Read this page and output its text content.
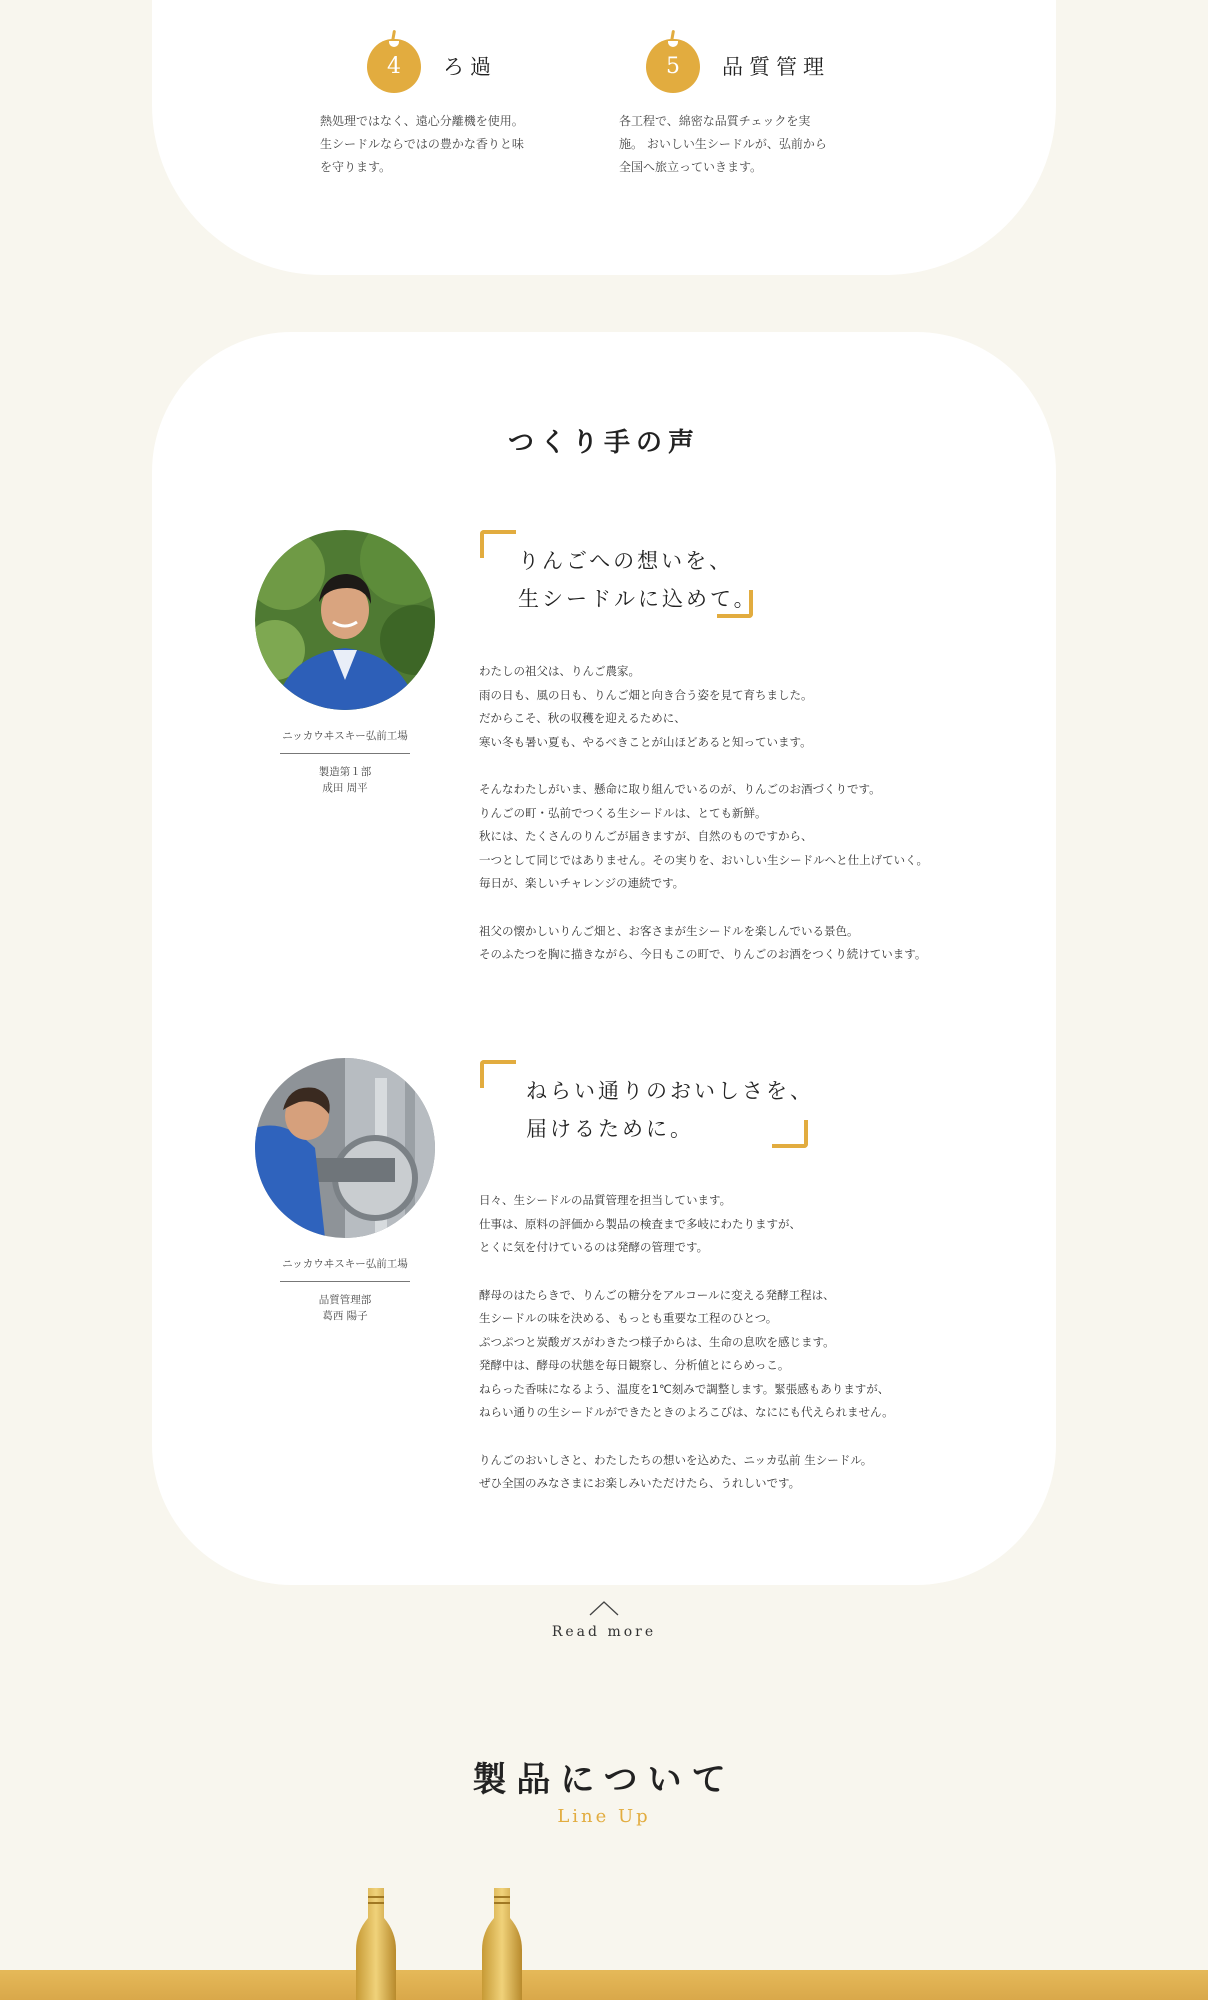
4 ろ過
熱処理ではなく、遠心分離機を使用。
生シードルならではの豊かな香りと味
を守ります。
5 品質管理
各工程で、綿密な品質チェックを実
施。 おいしい生シードルが、弘前から
全国へ旅立っていきます。
つくり手の声
ニッカウヰスキー弘前工場
製造第１部
成田 周平
りんごへの想いを、
生シードルに込めて。

わたしの祖父は、りんご農家。
雨の日も、風の日も、りんご畑と向き合う姿を見て育ちました。
だからこそ、秋の収穫を迎えるために、
寒い冬も暑い夏も、やるべきことが山ほどあると知っています。

そんなわたしがいま、懸命に取り組んでいるのが、りんごのお酒づくりです。
りんごの町・弘前でつくる生シードルは、とても新鮮。
秋には、たくさんのりんごが届きますが、自然のものですから、
一つとして同じではありません。その実りを、おいしい生シードルへと仕上げていく。
毎日が、楽しいチャレンジの連続です。

祖父の懐かしいりんご畑と、お客さまが生シードルを楽しんでいる景色。
そのふたつを胸に描きながら、今日もこの町で、りんごのお酒をつくり続けています。

ニッカウヰスキー弘前工場
品質管理部
葛西 陽子
ねらい通りのおいしさを、
届けるために。

日々、生シードルの品質管理を担当しています。
仕事は、原料の評価から製品の検査まで多岐にわたりますが、
とくに気を付けているのは発酵の管理です。

酵母のはたらきで、りんごの糖分をアルコールに変える発酵工程は、
生シードルの味を決める、もっとも重要な工程のひとつ。
ぷつぷつと炭酸ガスがわきたつ様子からは、生命の息吹を感じます。
発酵中は、酵母の状態を毎日観察し、分析値とにらめっこ。
ねらった香味になるよう、温度を1℃刻みで調整します。緊張感もありますが、
ねらい通りの生シードルができたときのよろこびは、なににも代えられません。

りんごのおいしさと、わたしたちの想いを込めた、ニッカ弘前 生シードル。
ぜひ全国のみなさまにお楽しみいただけたら、うれしいです。

Read more
製品について
Line Up
